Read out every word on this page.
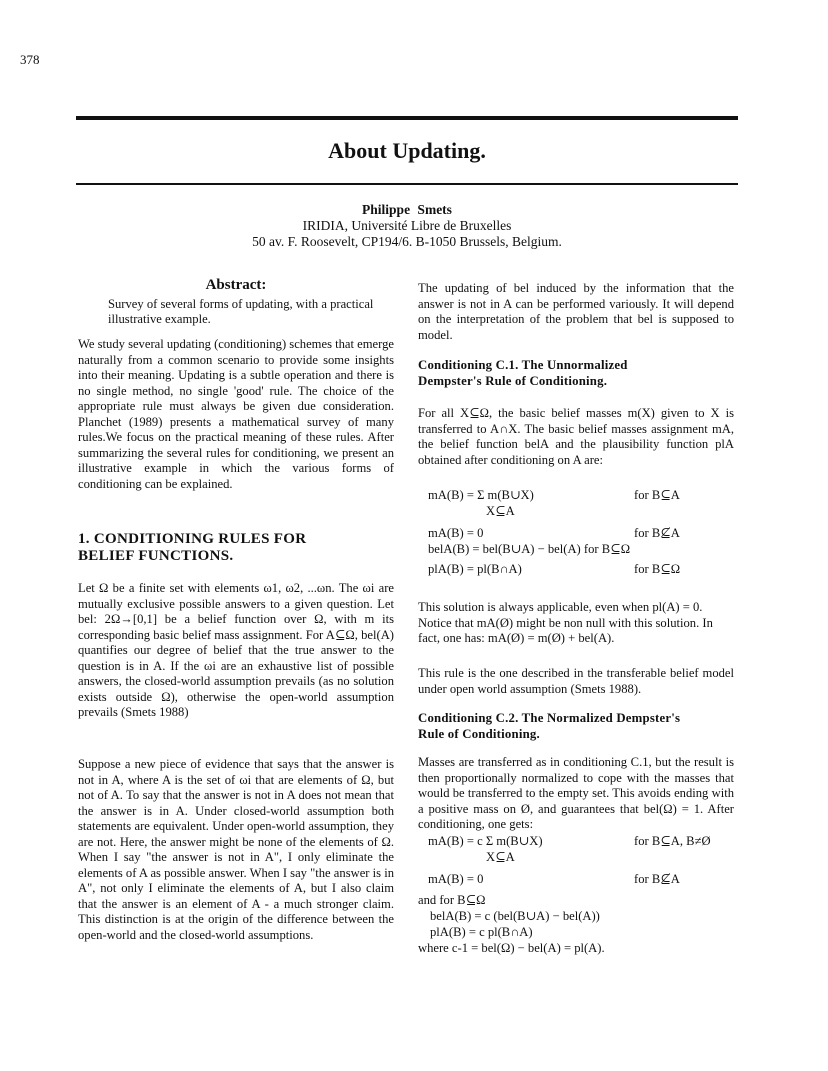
378
About Updating.
Philippe Smets
IRIDIA, Université Libre de Bruxelles
50 av. F. Roosevelt, CP194/6. B-1050 Brussels, Belgium.

Abstract:

Survey of several forms of updating, with a practical illustrative example.

We study several updating (conditioning) schemes that emerge naturally from a common scenario to provide some insights into their meaning. Updating is a subtle operation and there is no single method, no single 'good' rule. The choice of the appropriate rule must always be given due consideration. Planchet (1989) presents a mathematical survey of many rules.We focus on the practical meaning of these rules. After summarizing the several rules for conditioning, we present an illustrative example in which the various forms of conditioning can be explained.

1. CONDITIONING RULES FOR

BELIEF FUNCTIONS.

Let Ω be a finite set with elements ω1, ω2, ...ωn. The ωi are mutually exclusive possible answers to a given question. Let bel: 2Ω→[0,1] be a belief function over Ω, with m its corresponding basic belief mass assignment. For A⊆Ω, bel(A) quantifies our degree of belief that the true answer to the question is in A. If the ωi are an exhaustive list of possible answers, the closed-world assumption prevails (as no solution exists outside Ω), otherwise the open-world assumption prevails (Smets 1988)

Suppose a new piece of evidence that says that the answer is not in A, where A is the set of ωi that are elements of Ω, but not of A. To say that the answer is not in A does not mean that the answer is in A. Under closed-world assumption both statements are equivalent. Under open-world assumption, they are not. Here, the answer might be none of the elements of Ω. When I say "the answer is not in A", I only eliminate the elements of A as possible answer. When I say "the answer is in A", not only I eliminate the elements of A, but I also claim that the answer is an element of A - a much stronger claim. This distinction is at the origin of the difference between the open-world and the closed-world assumptions.

The updating of bel induced by the information that the answer is not in A can be performed variously. It will depend on the interpretation of the problem that bel is supposed to model.

Conditioning C.1. The Unnormalized

Dempster's Rule of Conditioning.

For all X⊆Ω, the basic belief masses m(X) given to X is transferred to A∩X. The basic belief masses assignment mA, the belief function belA and the plausibility function plA obtained after conditioning on A are:

mA(B) = Σ m(B∪X)	for B⊆A
X⊆A
mA(B) = 0	for B⊈A
belA(B) = bel(B∪A) − bel(A) for B⊆Ω
plA(B) = pl(B∩A)	for B⊆Ω

This solution is always applicable, even when pl(A) = 0. Notice that mA(Ø) might be non null with this solution. In fact, one has: mA(Ø) = m(Ø) + bel(A).

This rule is the one described in the transferable belief model under open world assumption (Smets 1988).

Conditioning C.2. The Normalized Dempster's

Rule of Conditioning.

Masses are transferred as in conditioning C.1, but the result is then proportionally normalized to cope with the masses that would be transferred to the empty set. This avoids ending with a positive mass on Ø, and guarantees that bel(Ω) = 1. After conditioning, one gets:

mA(B) = c Σ m(B∪X)	for B⊆A, B≠Ø
X⊆A
mA(B) = 0	for B⊈A
and for B⊆Ω
belA(B) = c (bel(B∪A) − bel(A))
plA(B) = c pl(B∩A)
where c-1 = bel(Ω) − bel(A) = pl(A).
